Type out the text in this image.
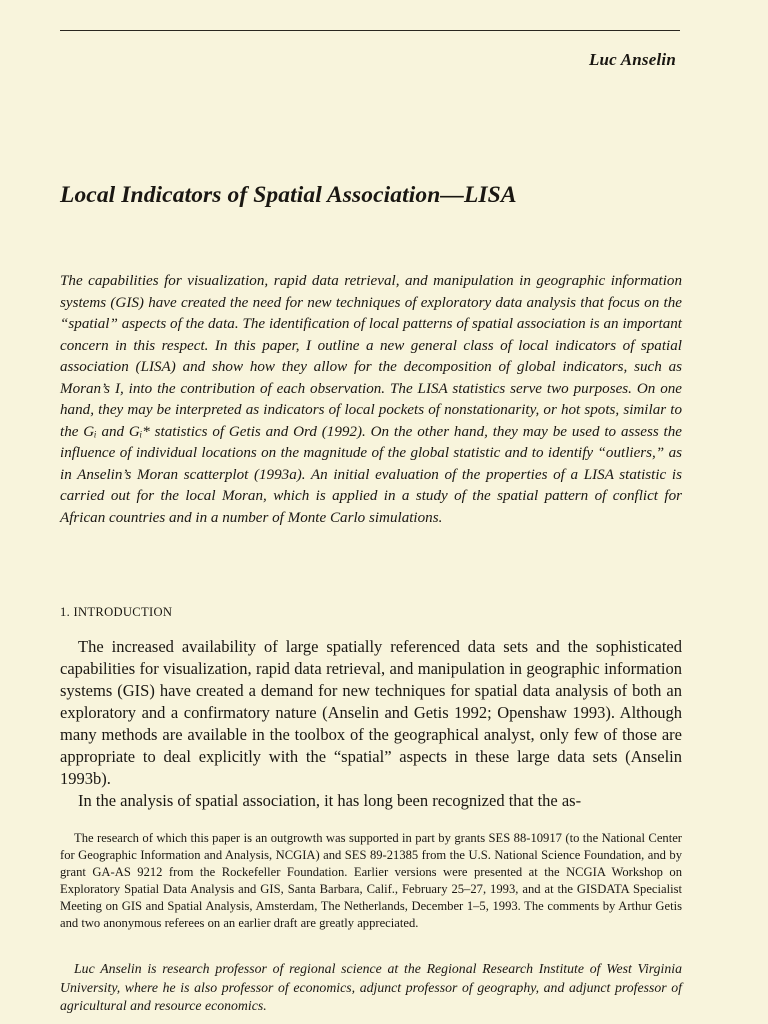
Luc Anselin
Local Indicators of Spatial Association—LISA
The capabilities for visualization, rapid data retrieval, and manipulation in geographic information systems (GIS) have created the need for new techniques of exploratory data analysis that focus on the “spatial” aspects of the data. The identification of local patterns of spatial association is an important concern in this respect. In this paper, I outline a new general class of local indicators of spatial association (LISA) and show how they allow for the decomposition of global indicators, such as Moran’s I, into the contribution of each observation. The LISA statistics serve two purposes. On one hand, they may be interpreted as indicators of local pockets of nonstationarity, or hot spots, similar to the Gᵢ and Gᵢ* statistics of Getis and Ord (1992). On the other hand, they may be used to assess the influence of individual locations on the magnitude of the global statistic and to identify “outliers,” as in Anselin’s Moran scatterplot (1993a). An initial evaluation of the properties of a LISA statistic is carried out for the local Moran, which is applied in a study of the spatial pattern of conflict for African countries and in a number of Monte Carlo simulations.
1. INTRODUCTION

The increased availability of large spatially referenced data sets and the sophisticated capabilities for visualization, rapid data retrieval, and manipulation in geographic information systems (GIS) have created a demand for new techniques for spatial data analysis of both an exploratory and a confirmatory nature (Anselin and Getis 1992; Openshaw 1993). Although many methods are available in the toolbox of the geographical analyst, only few of those are appropriate to deal explicitly with the “spatial” aspects in these large data sets (Anselin 1993b).

In the analysis of spatial association, it has long been recognized that the as-

The research of which this paper is an outgrowth was supported in part by grants SES 88-10917 (to the National Center for Geographic Information and Analysis, NCGIA) and SES 89-21385 from the U.S. National Science Foundation, and by grant GA-AS 9212 from the Rockefeller Foundation. Earlier versions were presented at the NCGIA Workshop on Exploratory Spatial Data Analysis and GIS, Santa Barbara, Calif., February 25–27, 1993, and at the GISDATA Specialist Meeting on GIS and Spatial Analysis, Amsterdam, The Netherlands, December 1–5, 1993. The comments by Arthur Getis and two anonymous referees on an earlier draft are greatly appreciated.

Luc Anselin is research professor of regional science at the Regional Research Institute of West Virginia University, where he is also professor of economics, adjunct professor of geography, and adjunct professor of agricultural and resource economics.
